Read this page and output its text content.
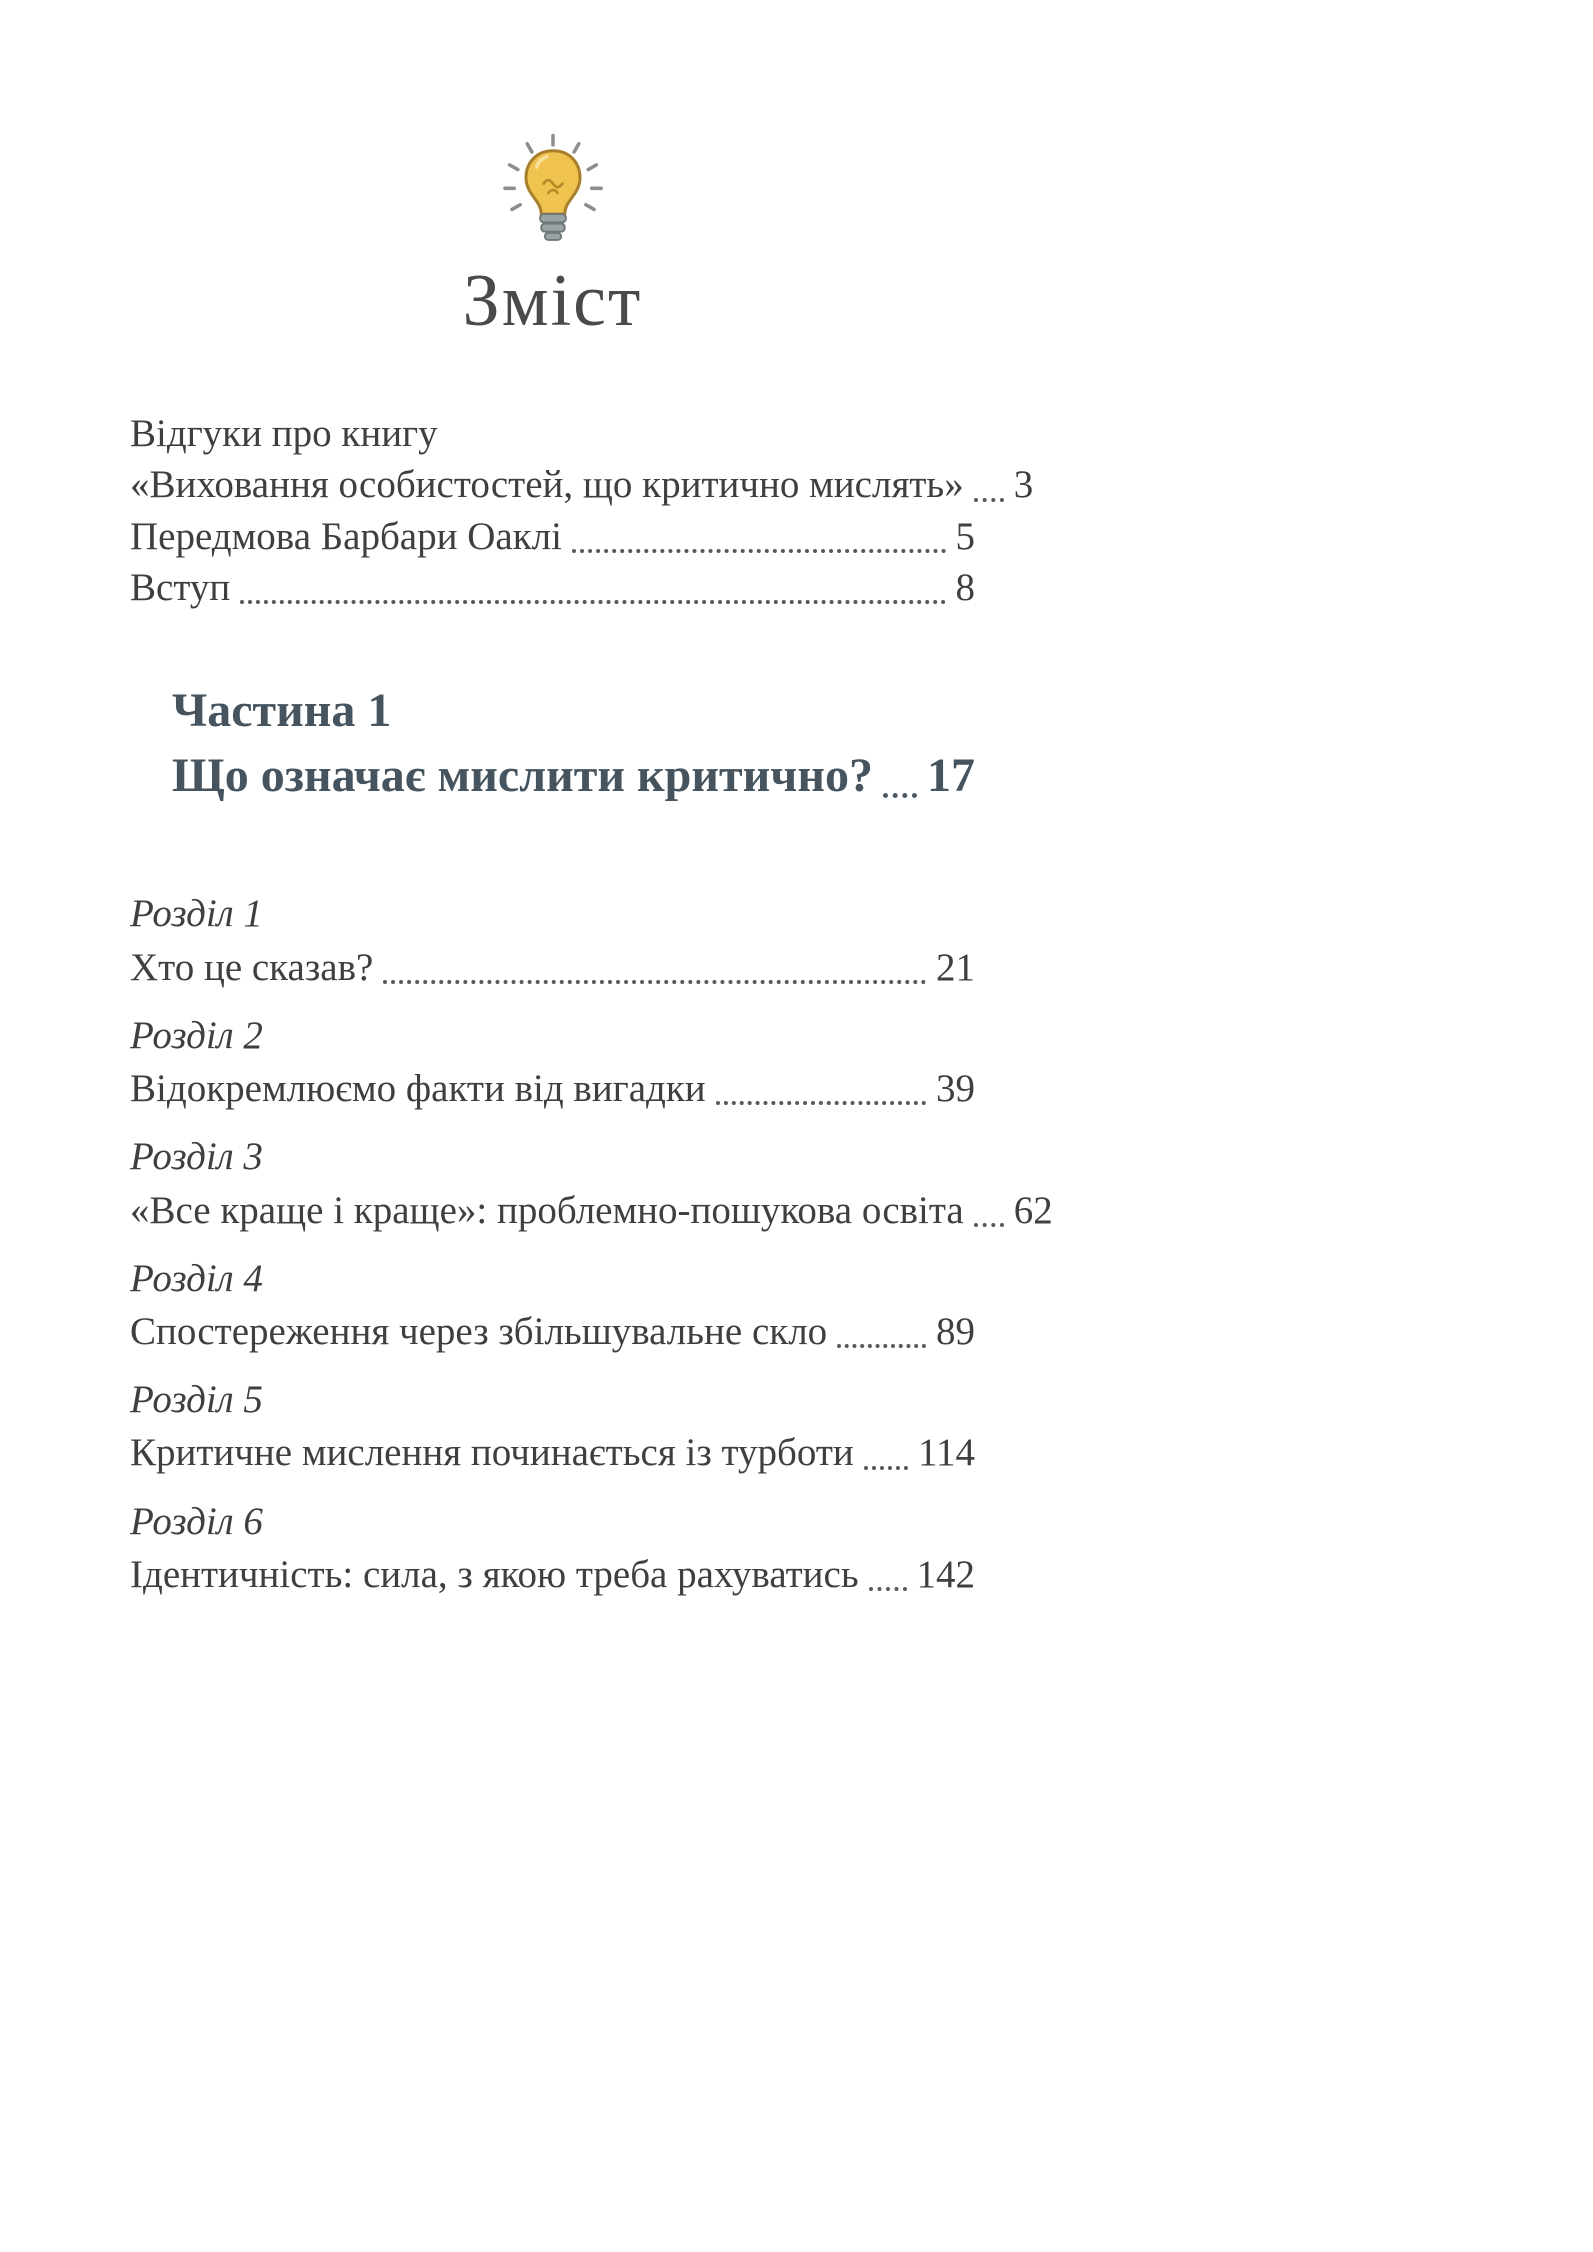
Зміст
Відгуки про книгу
«Виховання особистостей, що критично мислять» 3
Передмова Барбари Оаклі	5
Вступ	8
Частина 1
Що означає мислити критично? 17
Розділ 1
Хто це сказав?	21
Розділ 2
Відокремлюємо факти від вигадки	39
Розділ 3
«Все краще і краще»: проблемно-пошукова освіта 62
Розділ 4
Спостереження через збільшувальне скло	89
Розділ 5
Критичне мислення починається із турботи 114
Розділ 6
Ідентичність: сила, з якою треба рахуватись 142
